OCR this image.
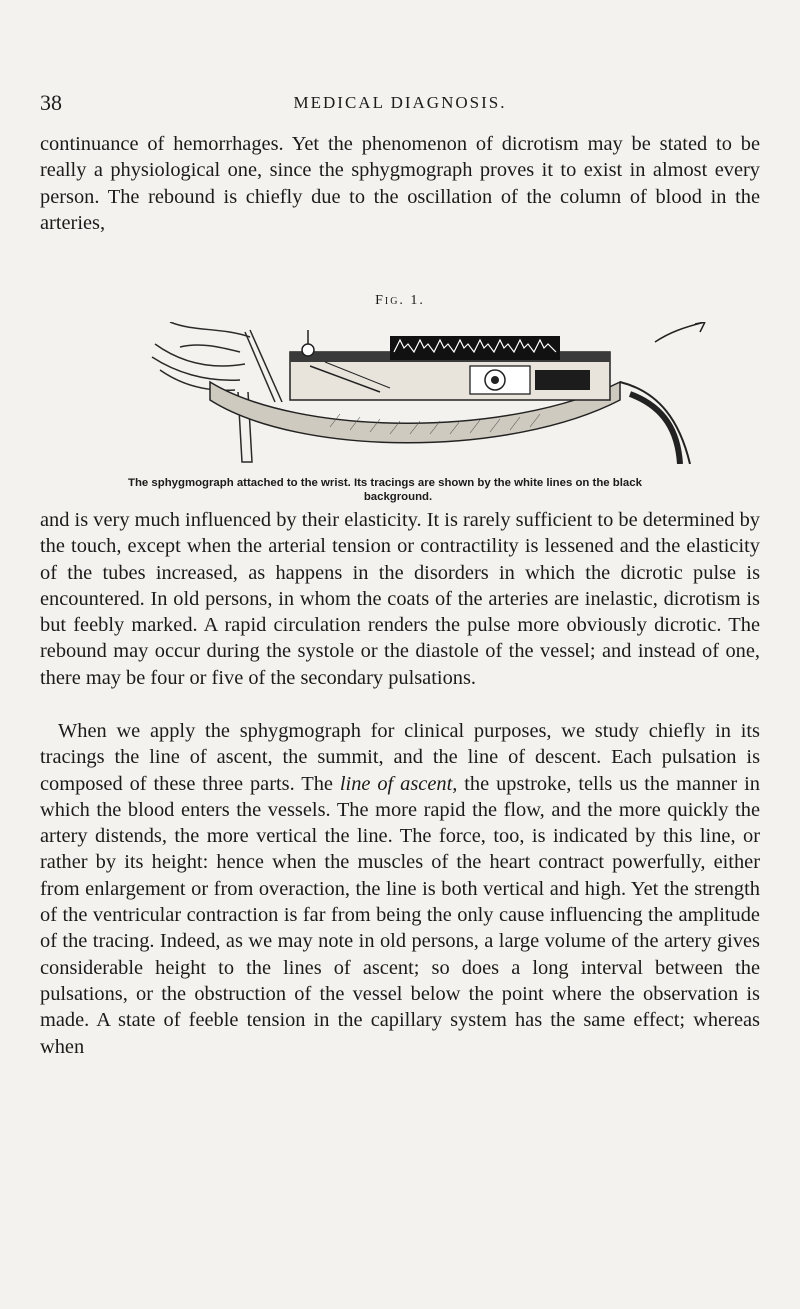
38	MEDICAL DIAGNOSIS.

continuance of hemorrhages. Yet the phenomenon of dicrotism may be stated to be really a physiological one, since the sphygmograph proves it to exist in almost every person. The rebound is chiefly due to the oscillation of the column of blood in the arteries,

Fig. 1.

The sphygmograph attached to the wrist. Its tracings are shown by the white lines on the black
background.

and is very much influenced by their elasticity. It is rarely sufficient to be determined by the touch, except when the arterial tension or contractility is lessened and the elasticity of the tubes increased, as happens in the disorders in which the dicrotic pulse is encountered. In old persons, in whom the coats of the arteries are inelastic, dicrotism is but feebly marked. A rapid circulation renders the pulse more obviously dicrotic. The rebound may occur during the systole or the diastole of the vessel; and instead of one, there may be four or five of the secondary pulsations.

When we apply the sphygmograph for clinical purposes, we study chiefly in its tracings the line of ascent, the summit, and the line of descent. Each pulsation is composed of these three parts. The line of ascent, the upstroke, tells us the manner in which the blood enters the vessels. The more rapid the flow, and the more quickly the artery distends, the more vertical the line. The force, too, is indicated by this line, or rather by its height: hence when the muscles of the heart contract powerfully, either from enlargement or from overaction, the line is both vertical and high. Yet the strength of the ventricular contraction is far from being the only cause influencing the amplitude of the tracing. Indeed, as we may note in old persons, a large volume of the artery gives considerable height to the lines of ascent; so does a long interval between the pulsations, or the obstruction of the vessel below the point where the observation is made. A state of feeble tension in the capillary system has the same effect; whereas when
